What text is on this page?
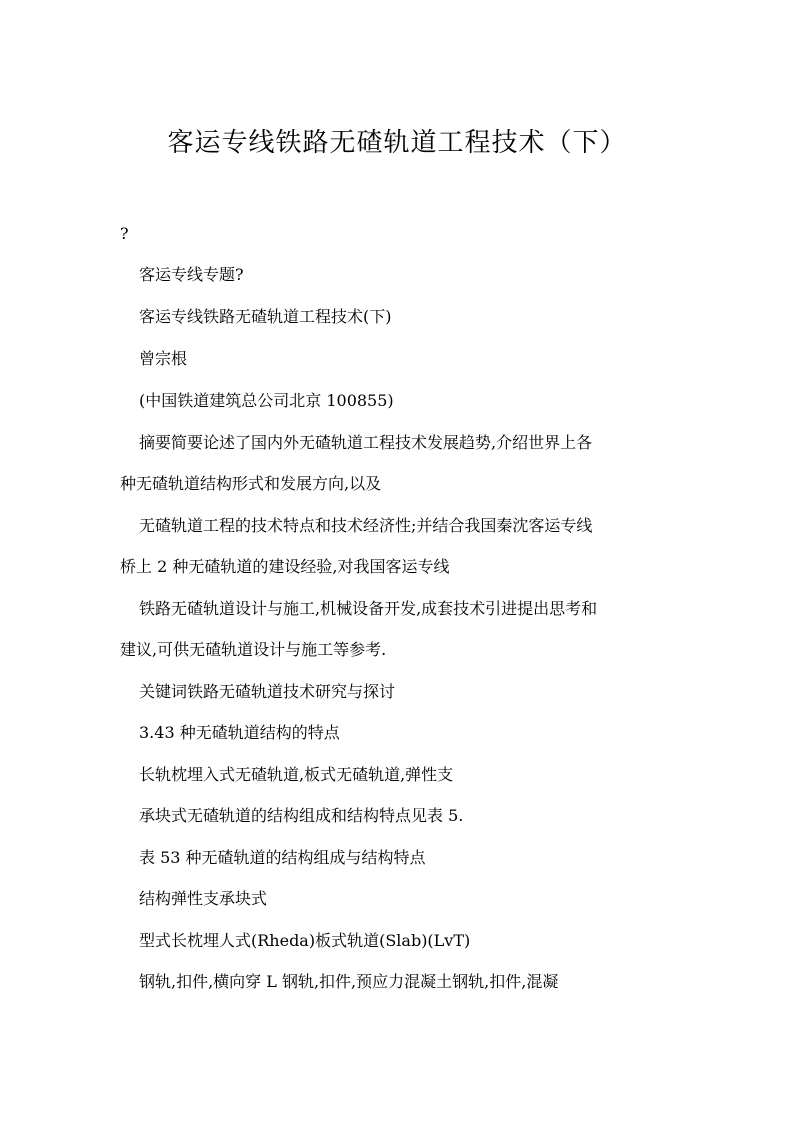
客运专线铁路无碴轨道工程技术（下）

?

客运专线专题?

客运专线铁路无碴轨道工程技术(下)

曾宗根

(中国铁道建筑总公司北京 100855)

摘要简要论述了国内外无碴轨道工程技术发展趋势,介绍世界上各

种无碴轨道结构形式和发展方向,以及

无碴轨道工程的技术特点和技术经济性;并结合我国秦沈客运专线

桥上 2 种无碴轨道的建设经验,对我国客运专线

铁路无碴轨道设计与施工,机械设备开发,成套技术引进提出思考和

建议,可供无碴轨道设计与施工等参考.

关键词铁路无碴轨道技术研究与探讨

3.43 种无碴轨道结构的特点

长轨枕埋入式无碴轨道,板式无碴轨道,弹性支

承块式无碴轨道的结构组成和结构特点见表 5.

表 53 种无碴轨道的结构组成与结构特点

结构弹性支承块式

型式长枕埋人式(Rheda)板式轨道(Slab)(LvT)

钢轨,扣件,横向穿 L 钢轨,扣件,预应力混凝土钢轨,扣件,混凝
